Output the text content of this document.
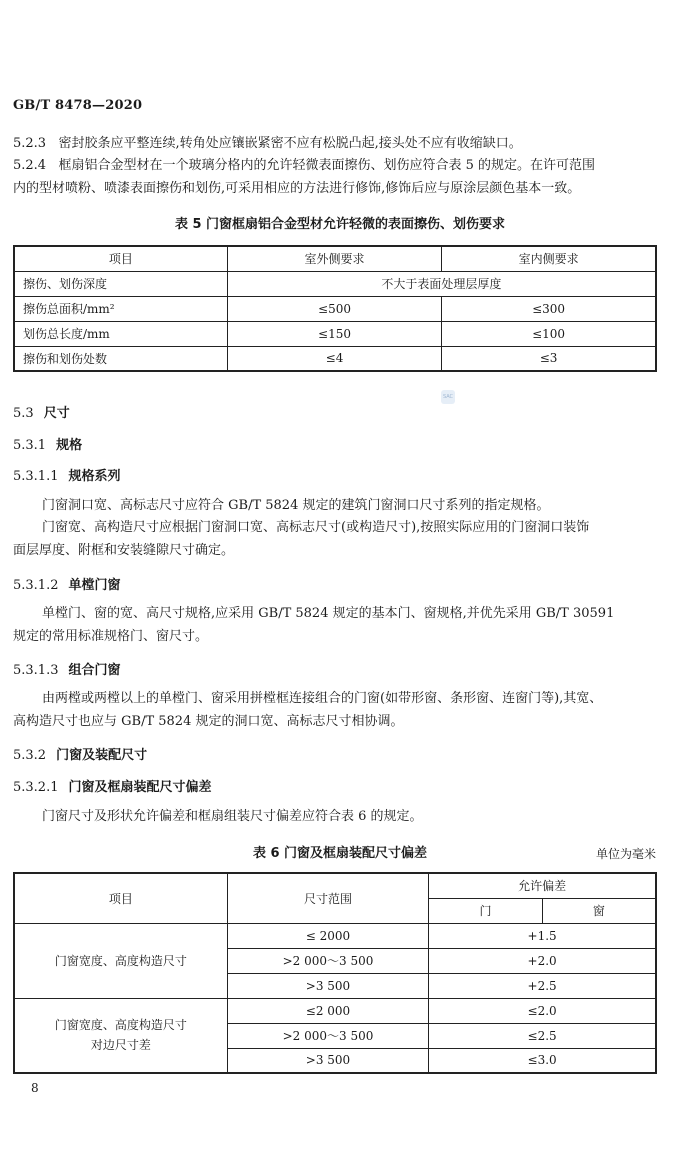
GB/T 8478—2020
5.2.3 密封胶条应平整连续,转角处应镶嵌紧密不应有松脱凸起,接头处不应有收缩缺口。
5.2.4 框扇铝合金型材在一个玻璃分格内的允许轻微表面擦伤、划伤应符合表 5 的规定。在许可范围
内的型材喷粉、喷漆表面擦伤和划伤,可采用相应的方法进行修饰,修饰后应与原涂层颜色基本一致。
表 5 门窗框扇铝合金型材允许轻微的表面擦伤、划伤要求
项目	室外侧要求	室内侧要求
擦伤、划伤深度	不大于表面处理层厚度	
擦伤总面积/mm²	≤500	≤300
划伤总长度/mm	≤150	≤100
擦伤和划伤处数	≤4	≤3
SAC
5.3 尺寸
5.3.1 规格
5.3.1.1 规格系列
门窗洞口宽、高标志尺寸应符合 GB/T 5824 规定的建筑门窗洞口尺寸系列的指定规格。
门窗宽、高构造尺寸应根据门窗洞口宽、高标志尺寸(或构造尺寸),按照实际应用的门窗洞口装饰
面层厚度、附框和安装缝隙尺寸确定。
5.3.1.2 单樘门窗
单樘门、窗的宽、高尺寸规格,应采用 GB/T 5824 规定的基本门、窗规格,并优先采用 GB/T 30591
规定的常用标准规格门、窗尺寸。
5.3.1.3 组合门窗
由两樘或两樘以上的单樘门、窗采用拼樘框连接组合的门窗(如带形窗、条形窗、连窗门等),其宽、
高构造尺寸也应与 GB/T 5824 规定的洞口宽、高标志尺寸相协调。
5.3.2 门窗及装配尺寸
5.3.2.1 门窗及框扇装配尺寸偏差
门窗尺寸及形状允许偏差和框扇组装尺寸偏差应符合表 6 的规定。
表 6 门窗及框扇装配尺寸偏差	单位为毫米
项目	尺寸范围	允许偏差	
		门	窗
门窗宽度、高度构造尺寸	≤ 2000	+1.5	
	>2 000～3 500	+2.0	
	>3 500	+2.5	

门窗宽度、高度构造尺寸
对边尺寸差	≤2 000	≤2.0	
	>2 000～3 500	≤2.5	
	>3 500	≤3.0	
8
